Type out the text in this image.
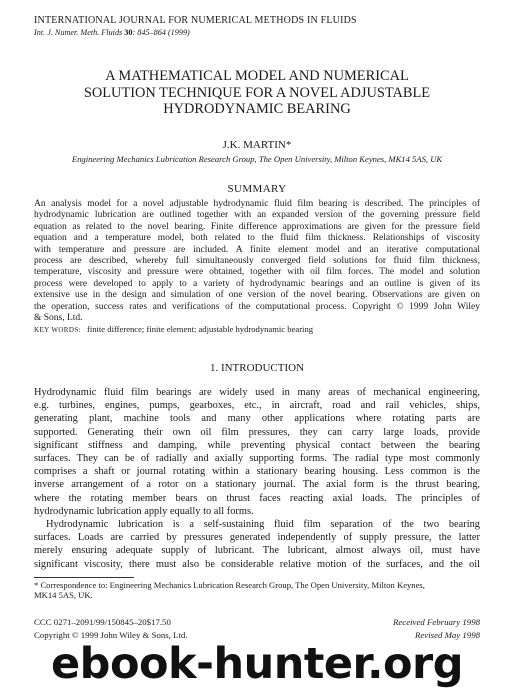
INTERNATIONAL JOURNAL FOR NUMERICAL METHODS IN FLUIDS
Int. J. Numer. Meth. Fluids 30: 845–864 (1999)
A MATHEMATICAL MODEL AND NUMERICAL
SOLUTION TECHNIQUE FOR A NOVEL ADJUSTABLE
HYDRODYNAMIC BEARING
J.K. MARTIN*
Engineering Mechanics Lubrication Research Group, The Open University, Milton Keynes, MK14 5AS, UK
SUMMARY
An analysis model for a novel adjustable hydrodynamic fluid film bearing is described. The principles of
hydrodynamic lubrication are outlined together with an expanded version of the governing pressure field
equation as related to the novel bearing. Finite difference approximations are given for the pressure field
equation and a temperature model, both related to the fluid film thickness. Relationships of viscosity
with temperature and pressure are included. A finite element model and an iterative computational
process are described, whereby full simultaneously converged field solutions for fluid film thickness,
temperature, viscosity and pressure were obtained, together with oil film forces. The model and solution
process were developed to apply to a variety of hydrodynamic bearings and an outline is given of its
extensive use in the design and simulation of one version of the novel bearing. Observations are given on
the operation, success rates and verifications of the computational process. Copyright © 1999 John Wiley
& Sons, Ltd.
KEY WORDS: finite difference; finite element; adjustable hydrodynamic bearing
1. INTRODUCTION
Hydrodynamic fluid film bearings are widely used in many areas of mechanical engineering,
e.g. turbines, engines, pumps, gearboxes, etc., in aircraft, road and rail vehicles, ships,
generating plant, machine tools and many other applications where rotating parts are
supported. Generating their own oil film pressures, they can carry large loads, provide
significant stiffness and damping, while preventing physical contact between the bearing
surfaces. They can be of radially and axially supporting forms. The radial type most commonly
comprises a shaft or journal rotating within a stationary bearing housing. Less common is the
inverse arrangement of a rotor on a stationary journal. The axial form is the thrust bearing,
where the rotating member bears on thrust faces reacting axial loads. The principles of
hydrodynamic lubrication apply equally to all forms.
Hydrodynamic lubrication is a self-sustaining fluid film separation of the two bearing
surfaces. Loads are carried by pressures generated independently of supply pressure, the latter
merely ensuring adequate supply of lubricant. The lubricant, almost always oil, must have
significant viscosity, there must also be considerable relative motion of the surfaces, and the oil
* Correspondence to: Engineering Mechanics Lubrication Research Group, The Open University, Milton Keynes,
MK14 5AS, UK.
CCC 0271–2091/99/150845–20$17.50
Copyright © 1999 John Wiley & Sons, Ltd.
Received February 1998
Revised May 1998
ebook-hunter.org
